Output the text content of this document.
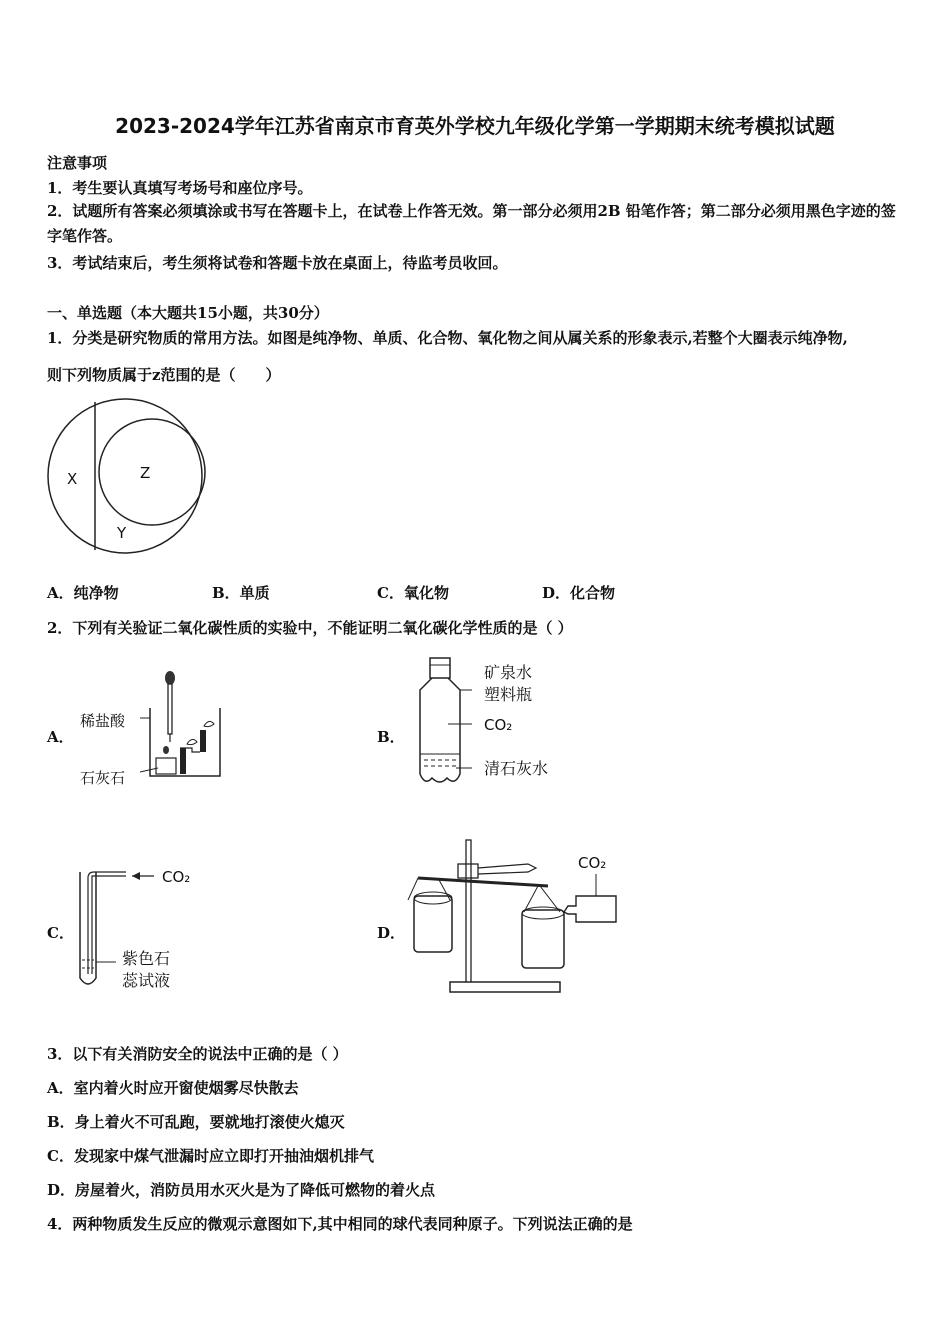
2023-2024学年江苏省南京市育英外学校九年级化学第一学期期末统考模拟试题
注意事项
1．考生要认真填写考场号和座位序号。
2．试题所有答案必须填涂或书写在答题卡上，在试卷上作答无效。第一部分必须用2B 铅笔作答；第二部分必须用黑色字迹的签字笔作答。
3．考试结束后，考生须将试卷和答题卡放在桌面上，待监考员收回。
一、单选题（本大题共15小题，共30分）
1．分类是研究物质的常用方法。如图是纯净物、单质、化合物、氧化物之间从属关系的形象表示,若整个大圈表示纯净物,
则下列物质属于z范围的是（　　）
X	Z
Y
A．纯净物	B．单质	C．氧化物	D．化合物
2．下列有关验证二氧化碳性质的实验中，不能证明二氧化碳化学性质的是（ ）
A．
稀盐酸
石灰石
B．
矿泉水
塑料瓶
CO₂
清石灰水
C．
CO₂
紫色石
蕊试液
D．
CO₂
3．以下有关消防安全的说法中正确的是（ ）
A．室内着火时应开窗使烟雾尽快散去
B．身上着火不可乱跑，要就地打滚使火熄灭
C．发现家中煤气泄漏时应立即打开抽油烟机排气
D．房屋着火，消防员用水灭火是为了降低可燃物的着火点
4．两种物质发生反应的微观示意图如下,其中相同的球代表同种原子。下列说法正确的是
